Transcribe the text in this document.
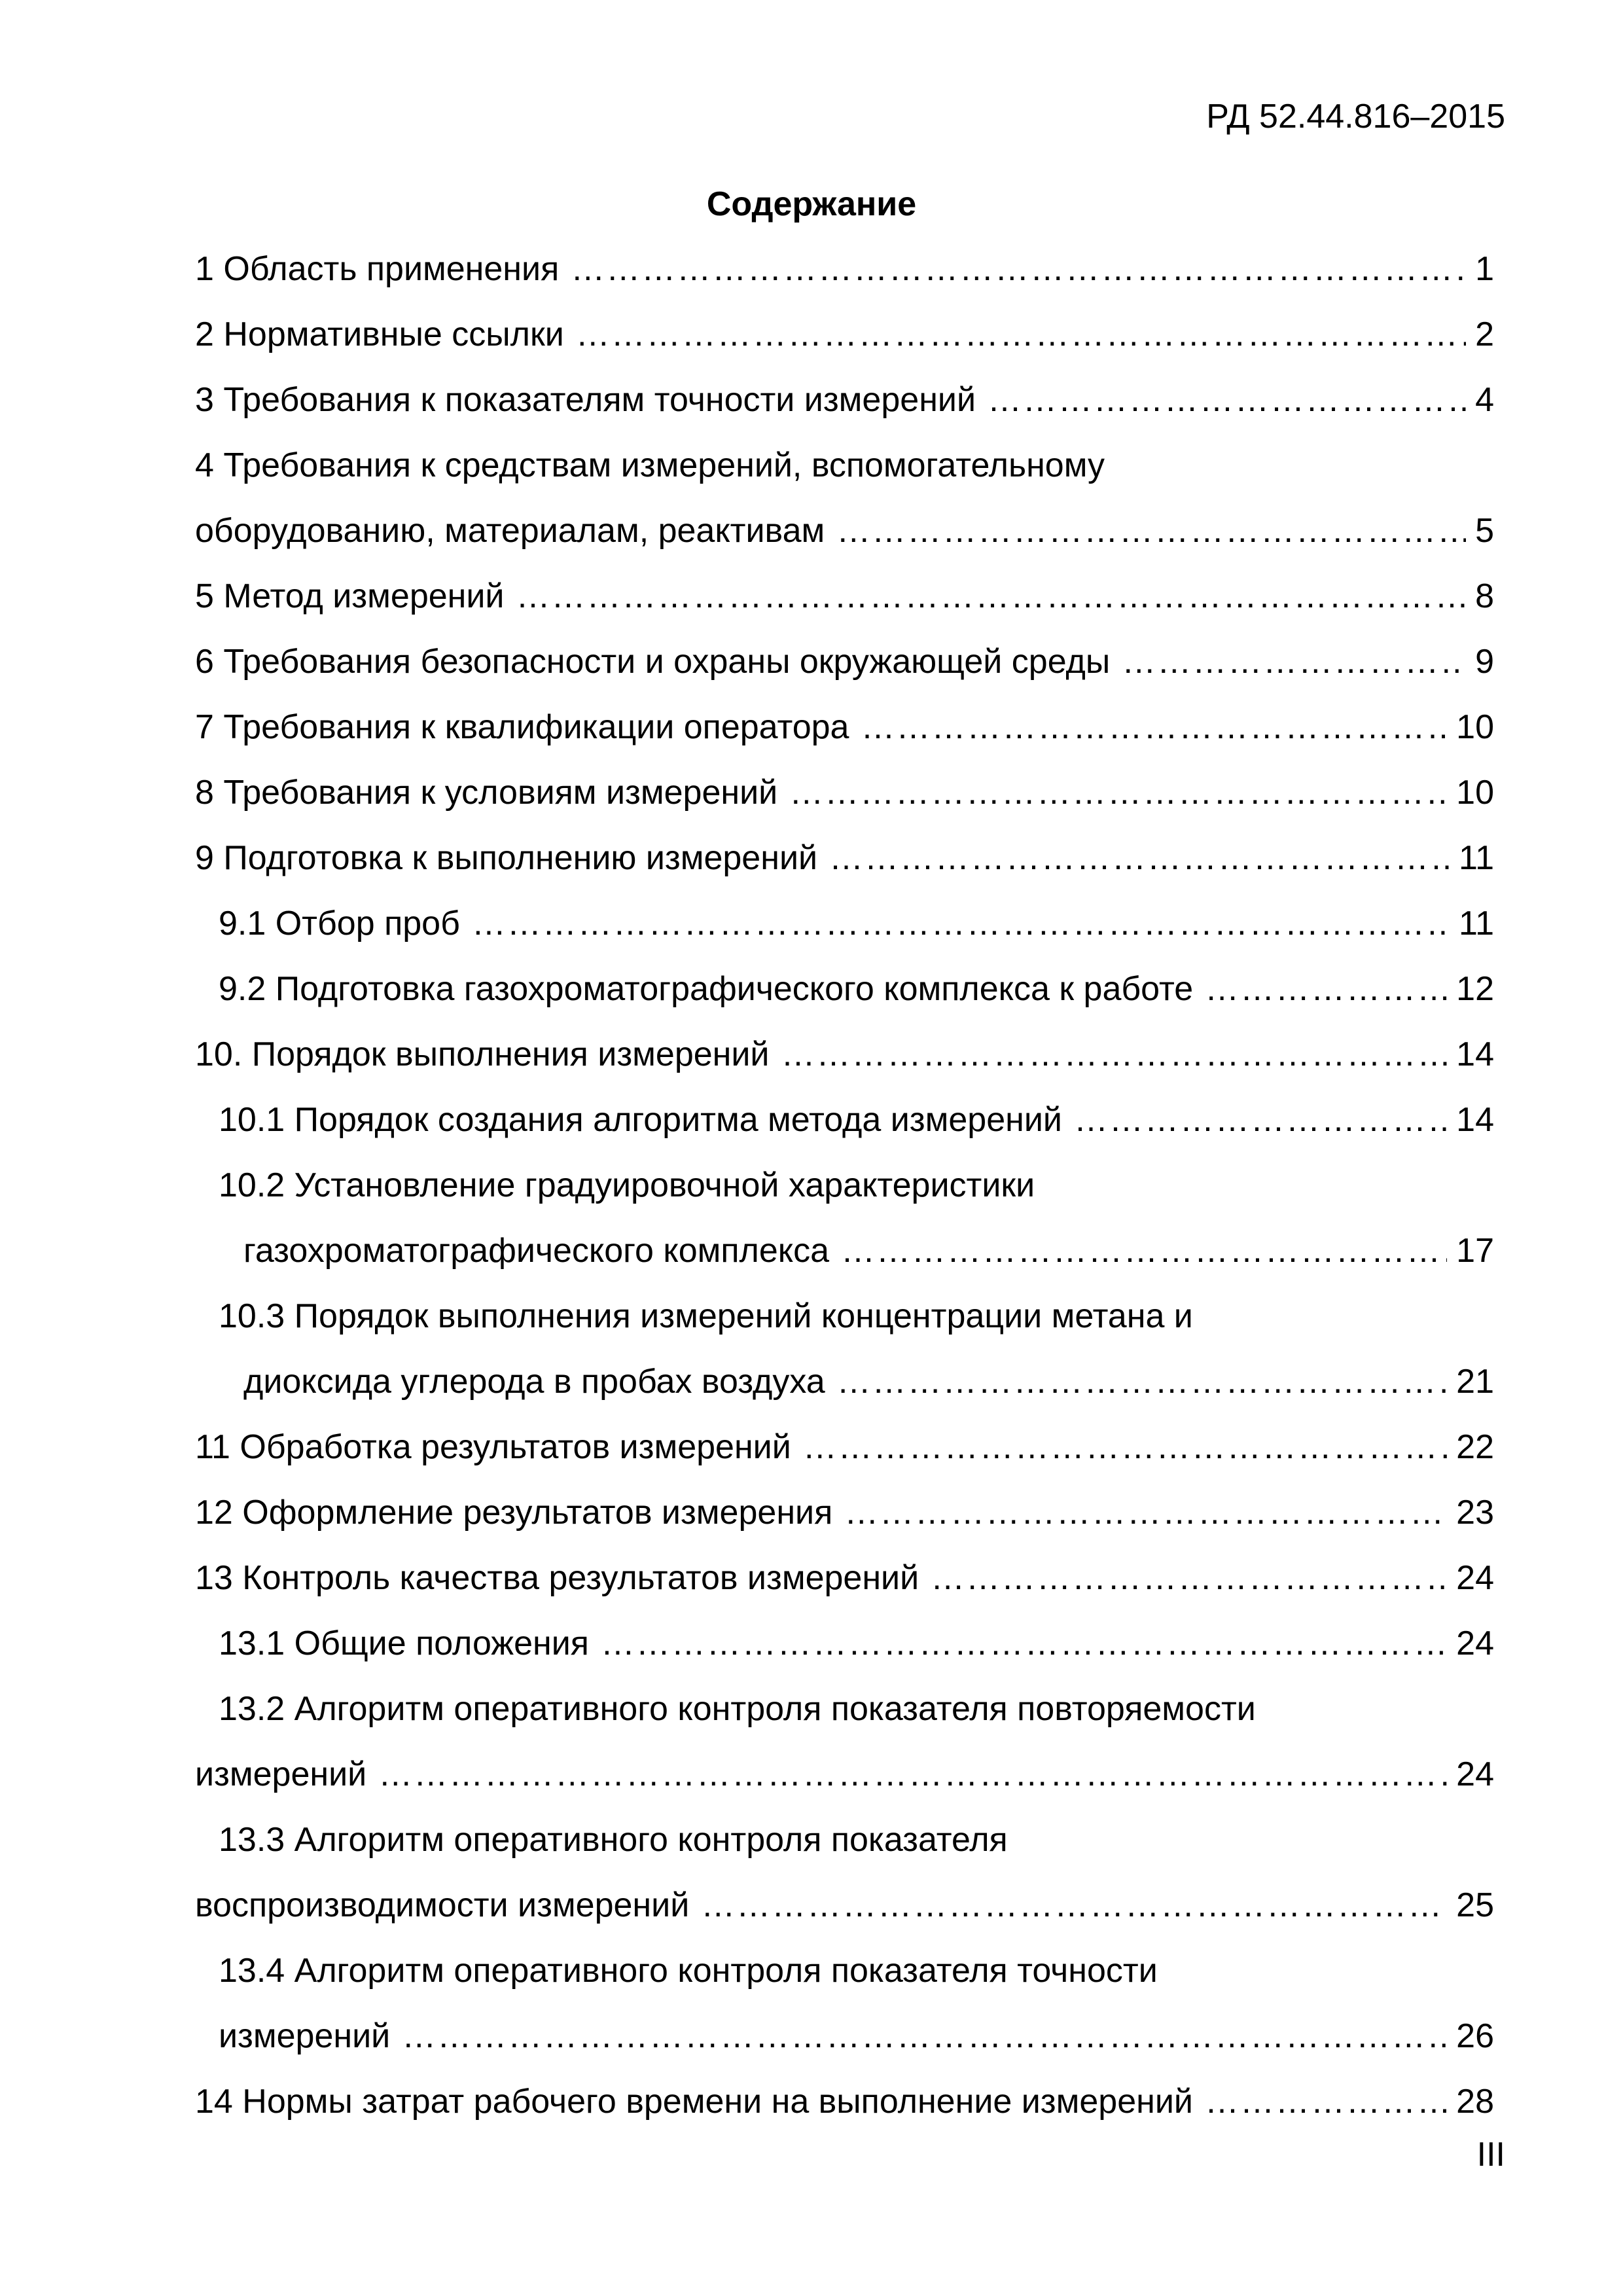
РД 52.44.816–2015
Содержание
1 Область применения …………………………………………………………………………………………………………………………………………………………………………………………………………………………………	1
2 Нормативные ссылки …………………………………………………………………………………………………………………………………………………………………………………………………………………………………	2
3 Требования к показателям точности измерений …………………………………………………………………………………………………………………………………………………………………………………………………………………………………	4
4 Требования к средствам измерений, вспомогательному
оборудованию, материалам, реактивам …………………………………………………………………………………………………………………………………………………………………………………………………………………………………	5
5 Метод измерений …………………………………………………………………………………………………………………………………………………………………………………………………………………………………	8
6 Требования безопасности и охраны окружающей среды …………………………………………………………………………………………………………………………………………………………………………………………………………………………………	9
7 Требования к квалификации оператора …………………………………………………………………………………………………………………………………………………………………………………………………………………………………	10
8 Требования к условиям измерений …………………………………………………………………………………………………………………………………………………………………………………………………………………………………	10
9 Подготовка к выполнению измерений …………………………………………………………………………………………………………………………………………………………………………………………………………………………………	11
9.1 Отбор проб …………………………………………………………………………………………………………………………………………………………………………………………………………………………………	11
9.2 Подготовка газохроматографического комплекса к работе …………………………………………………………………………………………………………………………………………………………………………………………………………………………………	12
10. Порядок выполнения измерений …………………………………………………………………………………………………………………………………………………………………………………………………………………………………	14
10.1 Порядок создания алгоритма метода измерений …………………………………………………………………………………………………………………………………………………………………………………………………………………………………	14
10.2 Установление градуировочной характеристики
газохроматографического комплекса …………………………………………………………………………………………………………………………………………………………………………………………………………………………………	17
10.3 Порядок выполнения измерений концентрации метана и
диоксида углерода в пробах воздуха …………………………………………………………………………………………………………………………………………………………………………………………………………………………………	21
11 Обработка результатов измерений …………………………………………………………………………………………………………………………………………………………………………………………………………………………………	22
12 Оформление результатов измерения …………………………………………………………………………………………………………………………………………………………………………………………………………………………………	23
13 Контроль качества результатов измерений …………………………………………………………………………………………………………………………………………………………………………………………………………………………………	24
13.1 Общие положения …………………………………………………………………………………………………………………………………………………………………………………………………………………………………	24
13.2 Алгоритм оперативного контроля показателя повторяемости
измерений …………………………………………………………………………………………………………………………………………………………………………………………………………………………………	24
13.3 Алгоритм оперативного контроля показателя
воспроизводимости измерений …………………………………………………………………………………………………………………………………………………………………………………………………………………………………	25
13.4 Алгоритм оперативного контроля показателя точности
измерений …………………………………………………………………………………………………………………………………………………………………………………………………………………………………	26
14 Нормы затрат рабочего времени на выполнение измерений …………………………………………………………………………………………………………………………………………………………………………………………………………………………………	28
III
